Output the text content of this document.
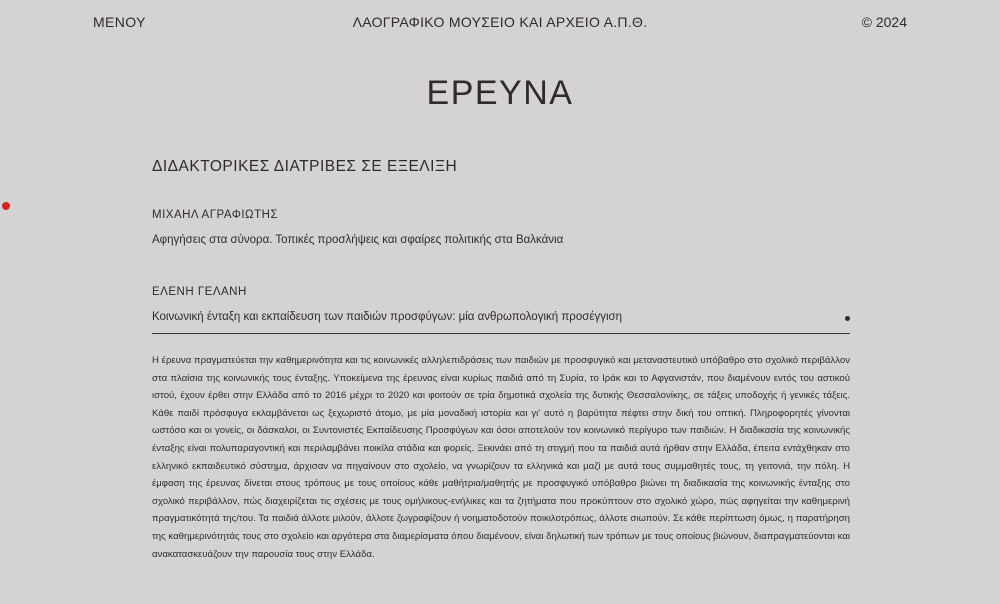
ΜΕΝΟΥ	ΛΑΟΓΡΑΦΙΚΟ ΜΟΥΣΕΙΟ ΚΑΙ ΑΡΧΕΙΟ Α.Π.Θ.	© 2024
ΕΡΕΥΝΑ
ΔΙΔΑΚΤΟΡΙΚΕΣ ΔΙΑΤΡΙΒΕΣ ΣΕ ΕΞΕΛΙΞΗ
ΜΙΧΑΗΛ ΑΓΡΑΦΙΩΤΗΣ
Αφηγήσεις στα σύνορα. Τοπικές προσλήψεις και σφαίρες πολιτικής στα Βαλκάνια
ΕΛΕΝΗ ΓΕΛΑΝΗ
Κοινωνική ένταξη και εκπαίδευση των παιδιών προσφύγων: μία ανθρωπολογική προσέγγιση

Η έρευνα πραγματεύεται την καθημερινότητα και τις κοινωνικές αλληλεπιδράσεις των παιδιών με προσφυγικό και μεταναστευτικό υπόβαθρο στο σχολικό περιβάλλον στα πλαίσια της κοινωνικής τους ένταξης. Υποκείμενα της έρευνας είναι κυρίως παιδιά από τη Συρία, το Ιράκ και το Αφγανιστάν, που διαμένουν εντός του αστικού ιστού, έχουν έρθει στην Ελλάδα από το 2016 μέχρι το 2020 και φοιτούν σε τρία δημοτικά σχολεία της δυτικής Θεσσαλονίκης, σε τάξεις υποδοχής ή γενικές τάξεις. Κάθε παιδί πρόσφυγα εκλαμβάνεται ως ξεχωριστό άτομο, με μία μοναδική ιστορία και γι' αυτό η βαρύτητα πέφτει στην δική του οπτική. Πληροφορητές γίνονται ωστόσο και οι γονείς, οι δάσκαλοι, οι Συντονιστές Εκπαίδευσης Προσφύγων και όσοι αποτελούν τον κοινωνικό περίγυρο των παιδιών. Η διαδικασία της κοινωνικής ένταξης είναι πολυπαραγοντική και περιλαμβάνει ποικίλα στάδια και φορείς. Ξεκινάει από τη στιγμή που τα παιδιά αυτά ήρθαν στην Ελλάδα, έπειτα εντάχθηκαν στο ελληνικό εκπαιδευτικό σύστημα, άρχισαν να πηγαίνουν στο σχολείο, να γνωρίζουν τα ελληνικά και μαζί με αυτά τους συμμαθητές τους, τη γειτονιά, την πόλη. Η έμφαση της έρευνας δίνεται στους τρόπους με τους οποίους κάθε μαθήτρια/μαθητής με προσφυγικό υπόβαθρο βιώνει τη διαδικασία της κοινωνικής ένταξης στο σχολικό περιβάλλον, πώς διαχειρίζεται τις σχέσεις με τους ομήλικους-ενήλικες και τα ζητήματα που προκύπτουν στο σχολικό χώρο, πώς αφηγείται την καθημερινή πραγματικότητά της/του. Τα παιδιά άλλοτε μιλούν, άλλοτε ζωγραφίζουν ή νοηματοδοτούν ποικιλοτρόπως, άλλοτε σιωπούν. Σε κάθε περίπτωση όμως, η παρατήρηση της καθημερινότητάς τους στο σχολείο και αργότερα στα διαμερίσματα όπου διαμένουν, είναι δηλωτική των τρόπων με τους οποίους βιώνουν, διαπραγματεύονται και ανακατασκευάζουν την παρουσία τους στην Ελλάδα.
